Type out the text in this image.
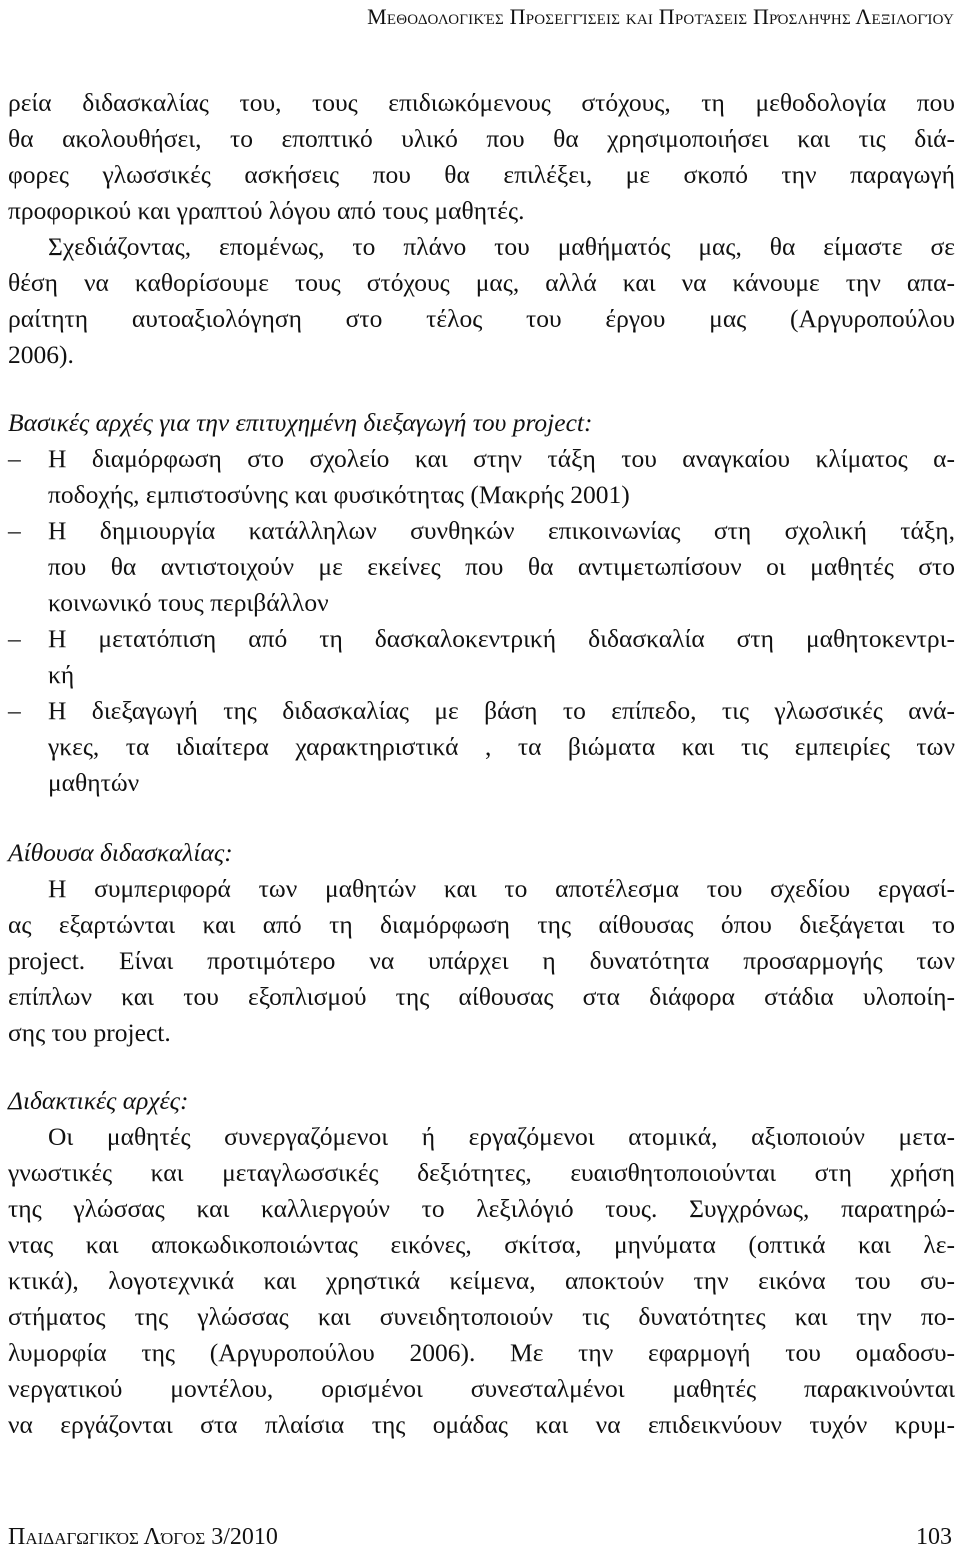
Μεθοδολογικές Προσεγγίσεις και Προτάσεις Πρόσληψης Λεξιλογίου
ρεία διδασκαλίας του, τους επιδιωκόμενους στόχους, τη μεθοδολογία που
θα ακολουθήσει, το εποπτικό υλικό που θα χρησιμοποιήσει και τις διά-
φορες γλωσσικές ασκήσεις που θα επιλέξει, με σκοπό την παραγωγή
προφορικού και γραπτού λόγου από τους μαθητές.
Σχεδιάζοντας, επομένως, το πλάνο του μαθήματός μας, θα είμαστε σε
θέση να καθορίσουμε τους στόχους μας, αλλά και να κάνουμε την απα-
ραίτητη αυτοαξιολόγηση στο τέλος του έργου μας (Αργυροπούλου
2006).
Βασικές αρχές για την επιτυχημένη διεξαγωγή του project:
– Η διαμόρφωση στο σχολείο και στην τάξη του αναγκαίου κλίματος α-
ποδοχής, εμπιστοσύνης και φυσικότητας (Μακρής 2001)
– Η δημιουργία κατάλληλων συνθηκών επικοινωνίας στη σχολική τάξη,
που θα αντιστοιχούν με εκείνες που θα αντιμετωπίσουν οι μαθητές στο
κοινωνικό τους περιβάλλον
– Η μετατόπιση από τη δασκαλοκεντρική διδασκαλία στη μαθητοκεντρι-
κή
– Η διεξαγωγή της διδασκαλίας με βάση το επίπεδο, τις γλωσσικές ανά-
γκες, τα ιδιαίτερα χαρακτηριστικά , τα βιώματα και τις εμπειρίες των
μαθητών
Αίθουσα διδασκαλίας:
Η συμπεριφορά των μαθητών και το αποτέλεσμα του σχεδίου εργασί-
ας εξαρτώνται και από τη διαμόρφωση της αίθουσας όπου διεξάγεται το
project. Είναι προτιμότερο να υπάρχει η δυνατότητα προσαρμογής των
επίπλων και του εξοπλισμού της αίθουσας στα διάφορα στάδια υλοποίη-
σης του project.
Διδακτικές αρχές:
Οι μαθητές συνεργαζόμενοι ή εργαζόμενοι ατομικά, αξιοποιούν μετα-
γνωστικές και μεταγλωσσικές δεξιότητες, ευαισθητοποιούνται στη χρήση
της γλώσσας και καλλιεργούν το λεξιλόγιό τους. Συγχρόνως, παρατηρώ-
ντας και αποκωδικοποιώντας εικόνες, σκίτσα, μηνύματα (οπτικά και λε-
κτικά), λογοτεχνικά και χρηστικά κείμενα, αποκτούν την εικόνα του συ-
στήματος της γλώσσας και συνειδητοποιούν τις δυνατότητες και την πο-
λυμορφία της (Αργυροπούλου 2006). Με την εφαρμογή του ομαδοσυ-
νεργατικού μοντέλου, ορισμένοι συνεσταλμένοι μαθητές παρακινούνται
να εργάζονται στα πλαίσια της ομάδας και να επιδεικνύουν τυχόν κρυμ-
Παιδαγωγικός Λόγος 3/2010	103
